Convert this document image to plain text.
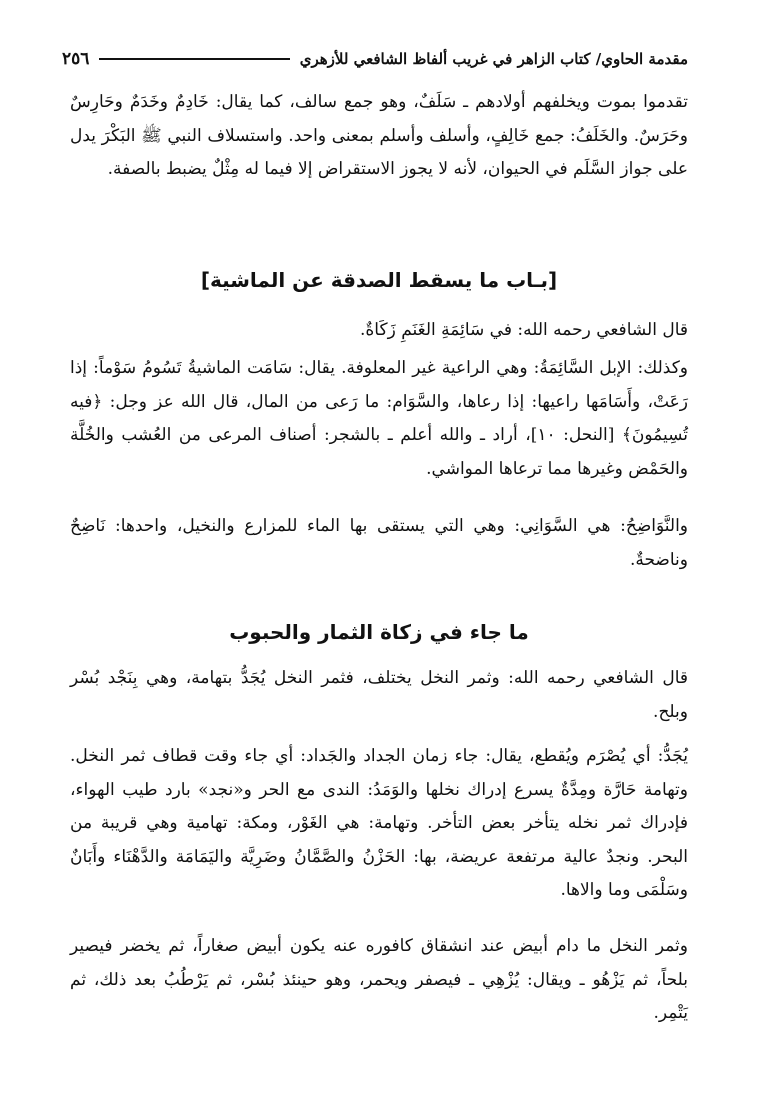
مقدمة الحاوي/ كتاب الزاهر في غريب ألفاظ الشافعي للأزهري
٢٥٦

تقدموا بموت ويخلفهم أولادهم ـ سَلَفٌ، وهو جمع سالف، كما يقال: خَادِمٌ وخَدَمٌ وحَارِسٌ وحَرَسٌ. والخَلَفُ: جمع خَالِفٍ، وأسلف وأسلم بمعنى واحد. واستسلاف النبي ﷺ البَكْرَ يدل على جواز السَّلَم في الحيوان، لأنه لا يجوز الاستقراض إلا فيما له مِثْلٌ يضبط بالصفة.

[بـاب ما يسقط الصدقة عن الماشية]

قال الشافعي رحمه الله: في سَائِمَةِ الغَنَمِ زَكَاةٌ.

وكذلك: الإبل السَّائِمَةُ: وهي الراعية غير المعلوفة. يقال: سَامَت الماشيةُ تَسُومُ سَوْماً: إذا رَعَتْ، وأَسَامَها راعيها: إذا رعاها، والسَّوَام: ما رَعى من المال، قال الله عز وجل: ﴿فيه تُسِيمُونَ﴾ [النحل: ١٠]، أراد ـ والله أعلم ـ بالشجر: أصناف المرعى من العُشب والخُلَّة والحَمْض وغيرها مما ترعاها المواشي.

والنَّوَاضِحُ: هي السَّوَانِي: وهي التي يستقى بها الماء للمزارع والنخيل، واحدها: نَاضِحٌ وناضحةٌ.

ما جاء في زكاة الثمار والحبوب

قال الشافعي رحمه الله: وثمر النخل يختلف، فثمر النخل يُجَدُّ بتهامة، وهي بِنَجْد بُسْر وبلح.

يُجَدُّ: أي يُصْرَم ويُقطع، يقال: جاء زمان الجداد والجَداد: أي جاء وقت قطاف ثمر النخل. وتهامة حَارَّة ومِدَّةٌ يسرع إدراك نخلها والوَمَدُ: الندى مع الحر و«نجد» بارد طيب الهواء، فإدراك ثمر نخله يتأخر بعض التأخر. وتهامة: هي الغَوْر، ومكة: تهامية وهي قريبة من البحر. ونجدٌ عالية مرتفعة عريضة، بها: الحَزْنُ والصَّمَّانُ وضَرِيَّة واليَمَامَة والدَّهْنَاء وأَبَانٌ وسَلْمَى وما والاها.

وثمر النخل ما دام أبيض عند انشقاق كافوره عنه يكون أبيض صغاراً، ثم يخضر فيصير بلحاً، ثم يَزْهُو ـ ويقال: يُزْهِي ـ فيصفر ويحمر، وهو حينئذ بُسْر، ثم يَرْطُبُ بعد ذلك، ثم يَتْمِر.
